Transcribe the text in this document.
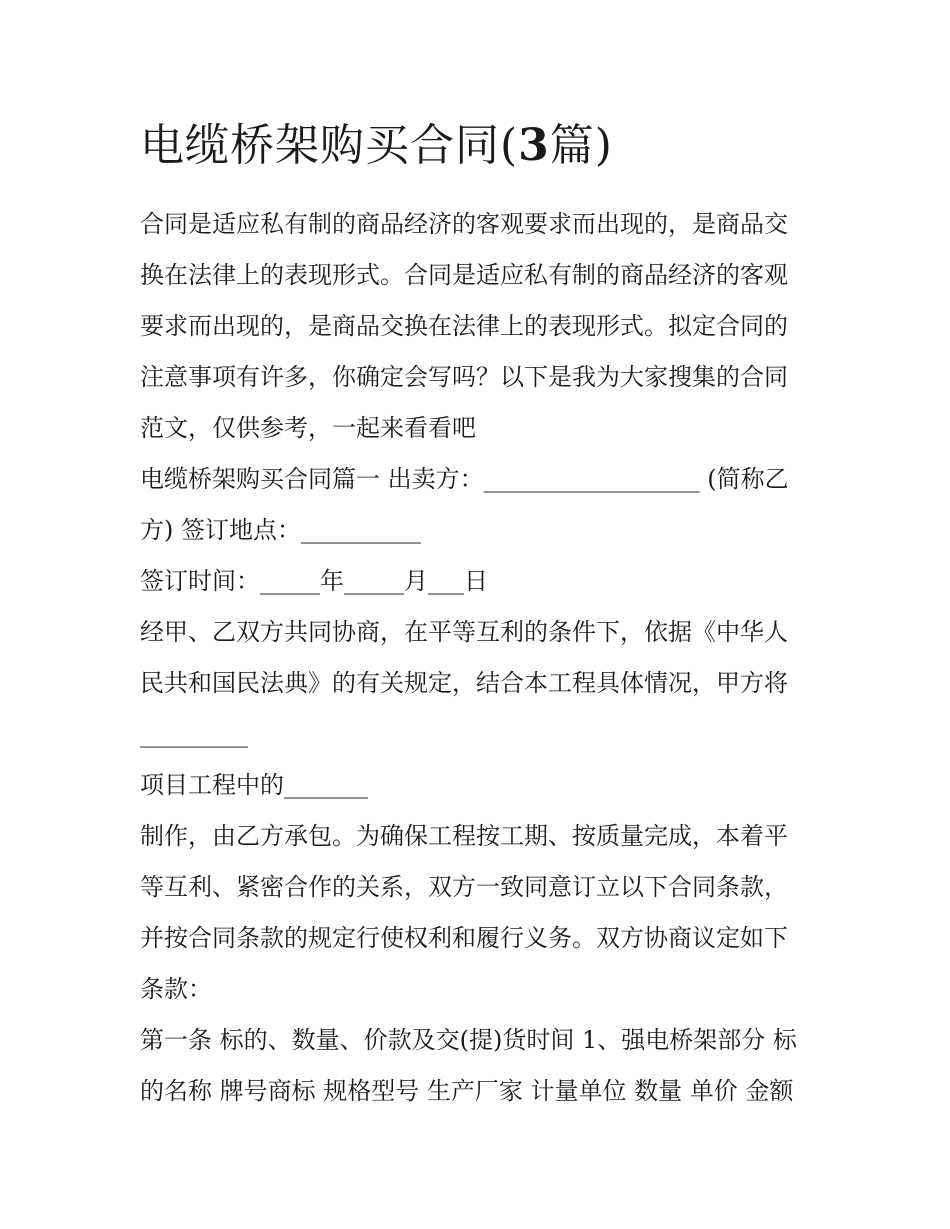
电缆桥架购买合同(3篇)
合同是适应私有制的商品经济的客观要求而出现的，是商品交
换在法律上的表现形式。合同是适应私有制的商品经济的客观
要求而出现的，是商品交换在法律上的表现形式。拟定合同的
注意事项有许多，你确定会写吗？以下是我为大家搜集的合同
范文，仅供参考，一起来看看吧
电缆桥架购买合同篇一 出卖方：__________________ (简称乙
方) 签订地点：__________
签订时间：_____年_____月___日
经甲、乙双方共同协商，在平等互利的条件下，依据《中华人
民共和国民法典》的有关规定，结合本工程具体情况，甲方将
_________
项目工程中的_______
制作，由乙方承包。为确保工程按工期、按质量完成，本着平
等互利、紧密合作的关系，双方一致同意订立以下合同条款，
并按合同条款的规定行使权利和履行义务。双方协商议定如下
条款：
第一条 标的、数量、价款及交(提)货时间 1、强电桥架部分 标
的名称 牌号商标 规格型号 生产厂家 计量单位 数量 单价 金额
